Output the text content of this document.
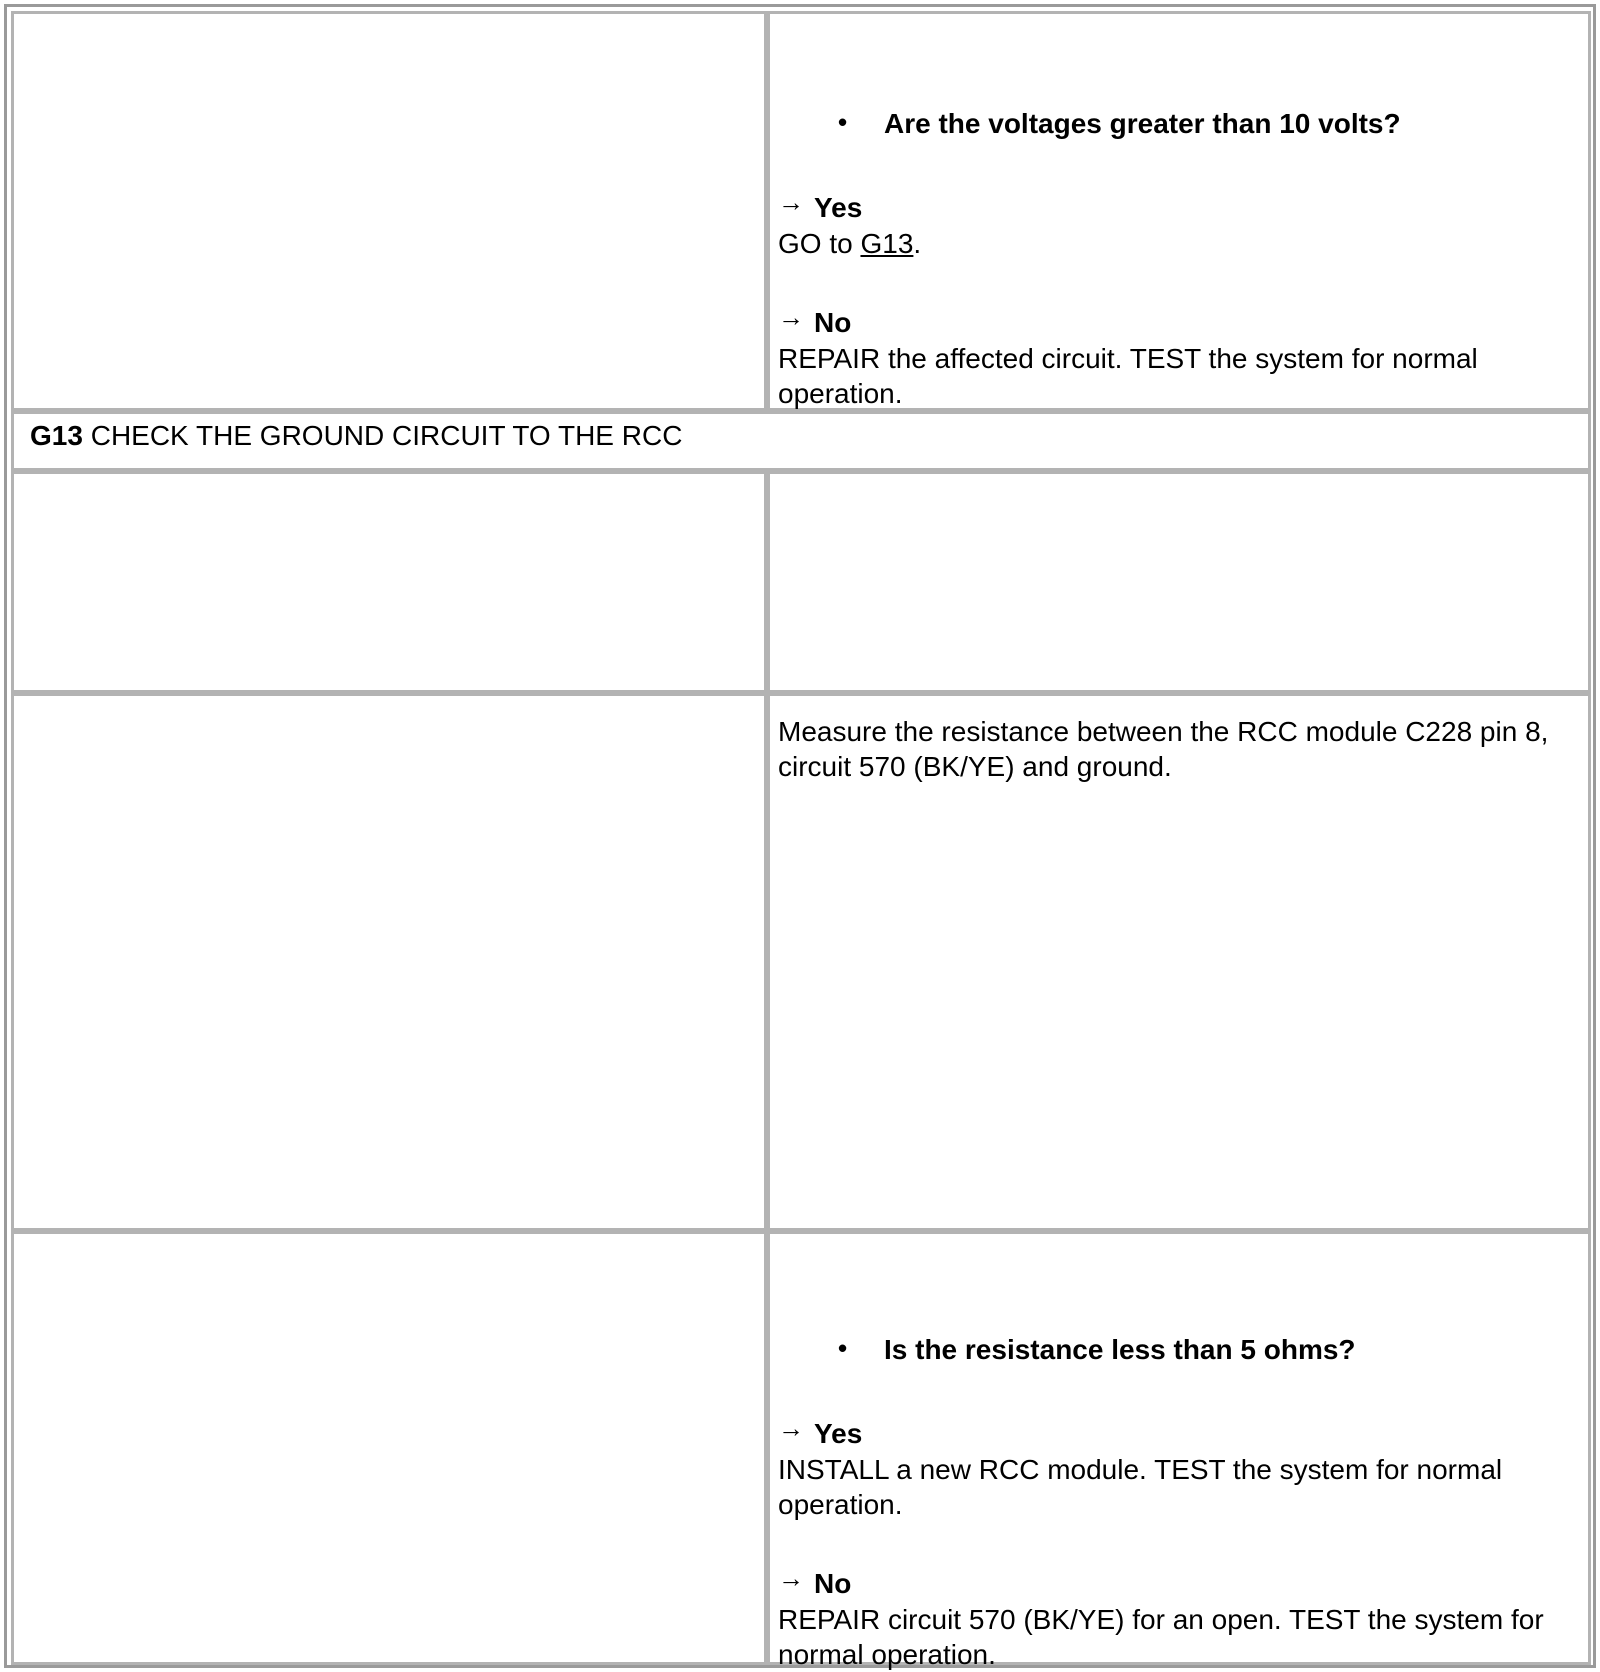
• Are the voltages greater than 10 volts?
→ Yes
GO to G13.
→ No
REPAIR the affected circuit. TEST the system for normal operation.
G13 CHECK THE GROUND CIRCUIT TO THE RCC
Measure the resistance between the RCC module C228 pin 8, circuit 570 (BK/YE) and ground.
• Is the resistance less than 5 ohms?
→ Yes
INSTALL a new RCC module. TEST the system for normal operation.
→ No
REPAIR circuit 570 (BK/YE) for an open. TEST the system for normal operation.
